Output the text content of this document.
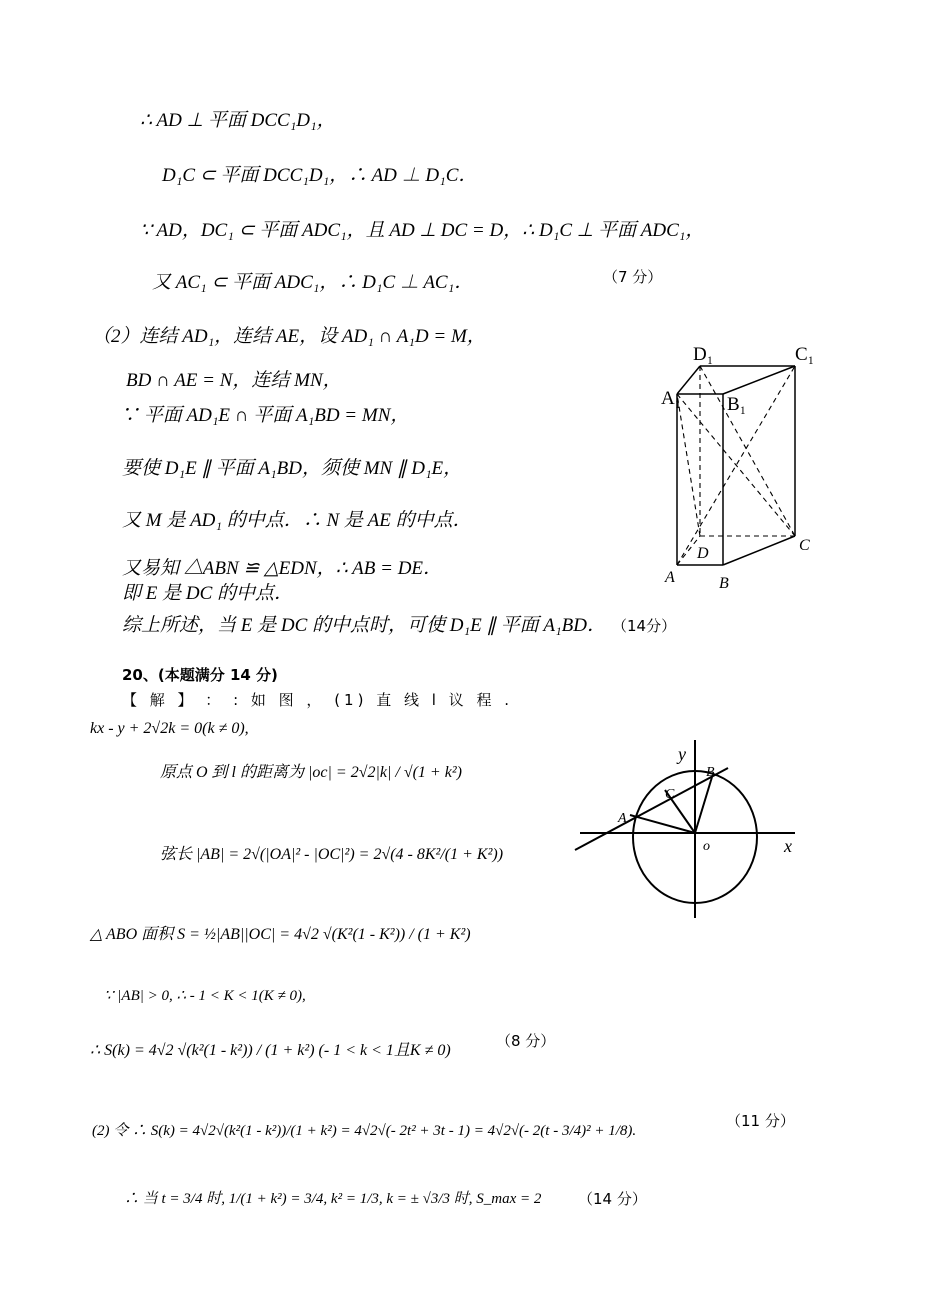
∴ AD ⊥ 平面 DCC₁D₁，
D₁C ⊂ 平面 DCC₁D₁，∴ AD ⊥ D₁C．
∵ AD，DC₁ ⊂ 平面 ADC₁，且 AD ⊥ DC = D，∴ D₁C ⊥ 平面 ADC₁，
又 AC₁ ⊂ 平面 ADC₁，∴ D₁C ⊥ AC₁．	（7 分）
（2）连结 AD₁，连结 AE，设 AD₁ ∩ A₁D = M，
BD ∩ AE = N，连结 MN，
∵ 平面 AD₁E ∩ 平面 A₁BD = MN，
要使 D₁E ∥ 平面 A₁BD，须使 MN ∥ D₁E，
又 M 是 AD₁ 的中点．∴ N 是 AE 的中点．
又易知 △ABN ≌ △EDN，∴ AB = DE．
即 E 是 DC 的中点．
综上所述，当 E 是 DC 的中点时，可使 D₁E ∥ 平面 A₁BD． （14分）
D₁	C₁
A₁ B₁
D	C
A	B
20、(本题满分 14 分)
【 解 】 ： : 如 图 ， (1) 直 线 l 议 程 .
kx - y + 2√2k = 0(k ≠ 0),
原点 O 到 l 的距离为 |oc| = 2√2|k| / √(1 + k²)
弦长 |AB| = 2√(|OA|² - |OC|²) = 2√(4 - 8K²/(1 + K²))
△ ABO 面积 S = ½|AB||OC| = 4√2 √(K²(1 - K²)) / (1 + K²)
∵ |AB| > 0, ∴ - 1 < K < 1(K ≠ 0),
∴ S(k) = 4√2 √(k²(1 - k²)) / (1 + k²) (- 1 < k < 1且K ≠ 0)
（8 分）
(2) 令 ∴ S(k) = 4√2√(k²(1 - k²))/(1 + k²) = 4√2√(- 2t² + 3t - 1) = 4√2√(- 2(t - 3/4)² + 1/8).
（11 分）
∴ 当 t = 3/4 时, 1/(1 + k²) = 3/4, k² = 1/3, k = ± √3/3 时, S_max = 2 （14 分）
y
x
o
A
B
C
